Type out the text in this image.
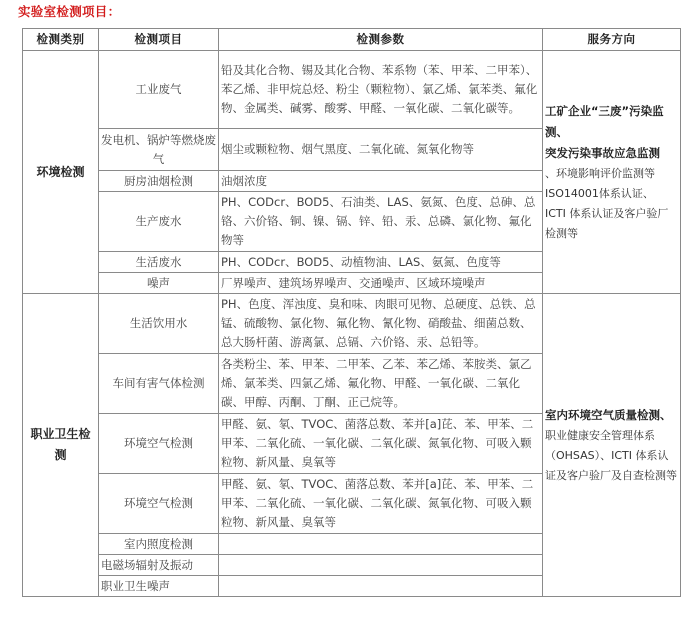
实验室检测项目：
检测类别	检测项目	检测参数	服务方向
环境检测	工业废气	铅及其化合物、锡及其化合物、苯系物（苯、甲苯、二甲苯）、苯乙烯、非甲烷总烃、粉尘（颗粒物）、氯乙烯、氯苯类、氟化物、金属类、碱雾、酸雾、甲醛、一氧化碳、二氧化碳等。	工矿企业“三废”污染监测、
突发污染事故应急监测
、环境影响评价监测等
ISO14001体系认证、
ICTI 体系认证及客户验厂检测等
	发电机、锅炉等燃烧废气	烟尘或颗粒物、烟气黑度、二氧化硫、氮氧化物等	
	厨房油烟检测	油烟浓度	
	生产废水	PH、CODcr、BOD5、石油类、LAS、氨氮、色度、总砷、总铬、六价铬、铜、镍、镉、锌、铅、汞、总磷、氯化物、氟化物等	
	生活废水	PH、CODcr、BOD5、动植物油、LAS、氨氮、色度等	
	噪声	厂界噪声、建筑场界噪声、交通噪声、区域环境噪声	
职业卫生检测	生活饮用水	PH、色度、浑浊度、臭和味、肉眼可见物、总硬度、总铁、总锰、硫酸物、氯化物、氟化物、氰化物、硝酸盐、细菌总数、总大肠杆菌、游离氯、总镉、六价铬、汞、总铅等。	室内环境空气质量检测、
职业健康安全管理体系（OHSAS）、ICTI 体系认证及客户验厂及自查检测等
	车间有害气体检测	各类粉尘、苯、甲苯、二甲苯、乙苯、苯乙烯、苯胺类、氯乙烯、氯苯类、四氯乙烯、氟化物、甲醛、一氧化碳、二氧化碳、甲醇、丙酮、丁酮、正己烷等。	
	环境空气检测	甲醛、氨、氡、TVOC、菌落总数、苯并[a]芘、苯、甲苯、二甲苯、二氧化硫、一氧化碳、二氧化碳、氮氧化物、可吸入颗粒物、新风量、臭氧等	
	环境空气检测	甲醛、氨、氡、TVOC、菌落总数、苯并[a]芘、苯、甲苯、二甲苯、二氧化硫、一氧化碳、二氧化碳、氮氧化物、可吸入颗粒物、新风量、臭氧等	
	室内照度检测		
	电磁场辐射及振动		
	职业卫生噪声		
